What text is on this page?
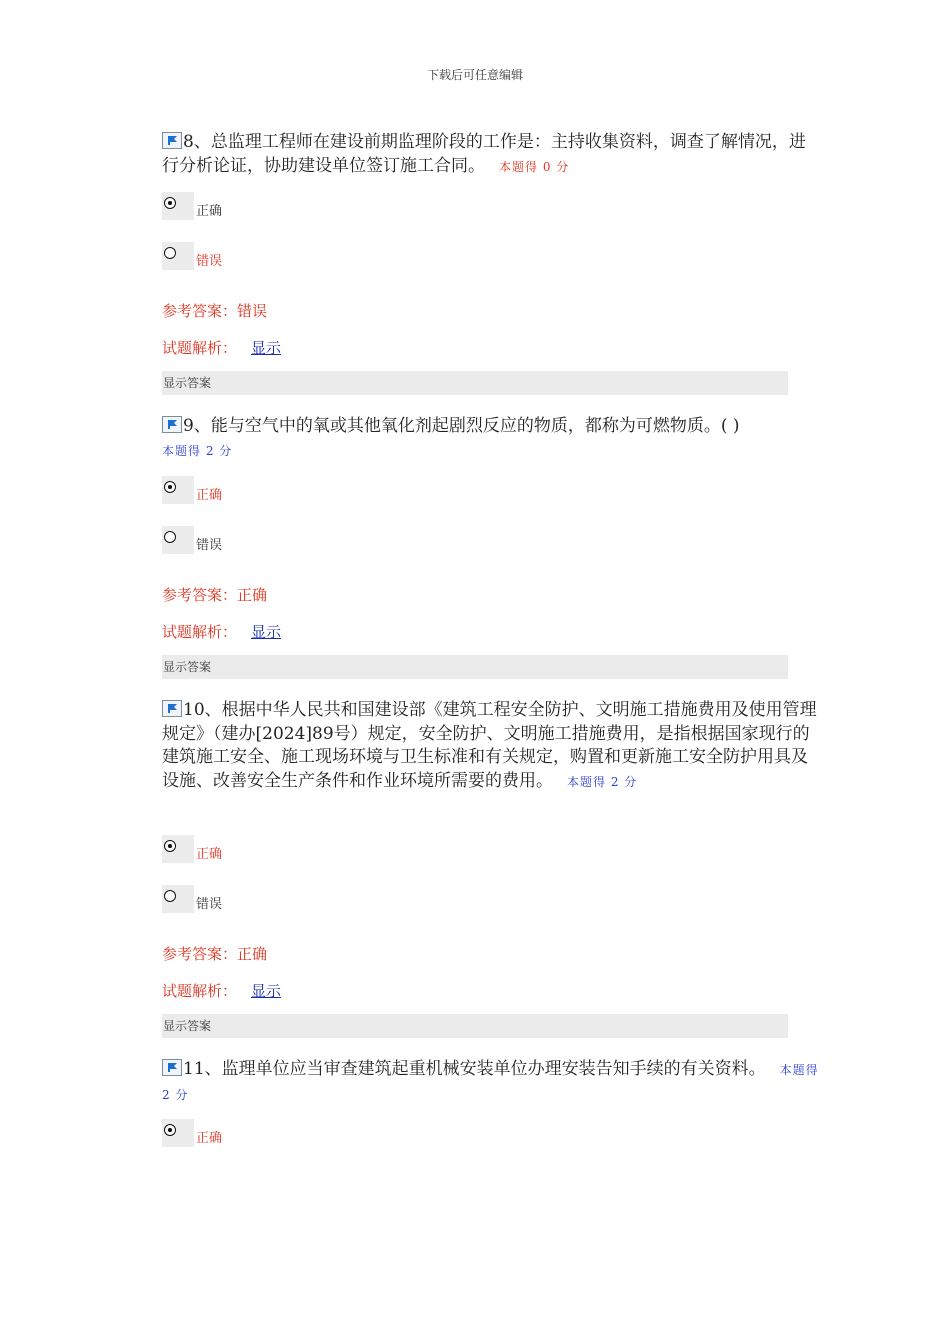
下载后可任意编辑
8、总监理工程师在建设前期监理阶段的工作是：主持收集资料，调查了解情况，进行分析论证，协助建设单位签订施工合同。 本题得 0 分
正确
错误
参考答案：错误
试题解析： 显示
显示答案
9、能与空气中的氧或其他氧化剂起剧烈反应的物质，都称为可燃物质。( )
本题得 2 分
正确
错误
参考答案：正确
试题解析： 显示
显示答案
10、根据中华人民共和国建设部《建筑工程安全防护、文明施工措施费用及使用管理规定》（建办[2024]89号）规定，安全防护、文明施工措施费用，是指根据国家现行的建筑施工安全、施工现场环境与卫生标准和有关规定，购置和更新施工安全防护用具及设施、改善安全生产条件和作业环境所需要的费用。 本题得 2 分
正确
错误
参考答案：正确
试题解析： 显示
显示答案
11、监理单位应当审查建筑起重机械安装单位办理安装告知手续的有关资料。 本题得 2 分
正确
